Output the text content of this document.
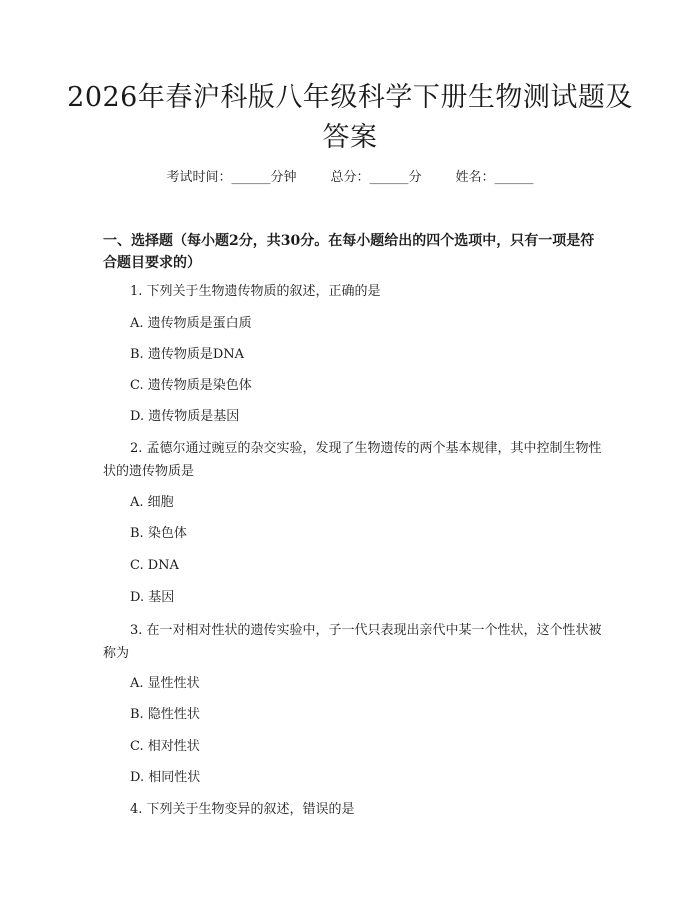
2026年春沪科版八年级科学下册生物测试题及答案
考试时间：______分钟	总分：______分	姓名：______
一、选择题（每小题2分，共30分。在每小题给出的四个选项中，只有一项是符合题目要求的）
1. 下列关于生物遗传物质的叙述，正确的是
A. 遗传物质是蛋白质
B. 遗传物质是DNA
C. 遗传物质是染色体
D. 遗传物质是基因
2. 孟德尔通过豌豆的杂交实验，发现了生物遗传的两个基本规律，其中控制生物性状的遗传物质是
A. 细胞
B. 染色体
C. DNA
D. 基因
3. 在一对相对性状的遗传实验中，子一代只表现出亲代中某一个性状，这个性状被称为
A. 显性性状
B. 隐性性状
C. 相对性状
D. 相同性状
4. 下列关于生物变异的叙述，错误的是
